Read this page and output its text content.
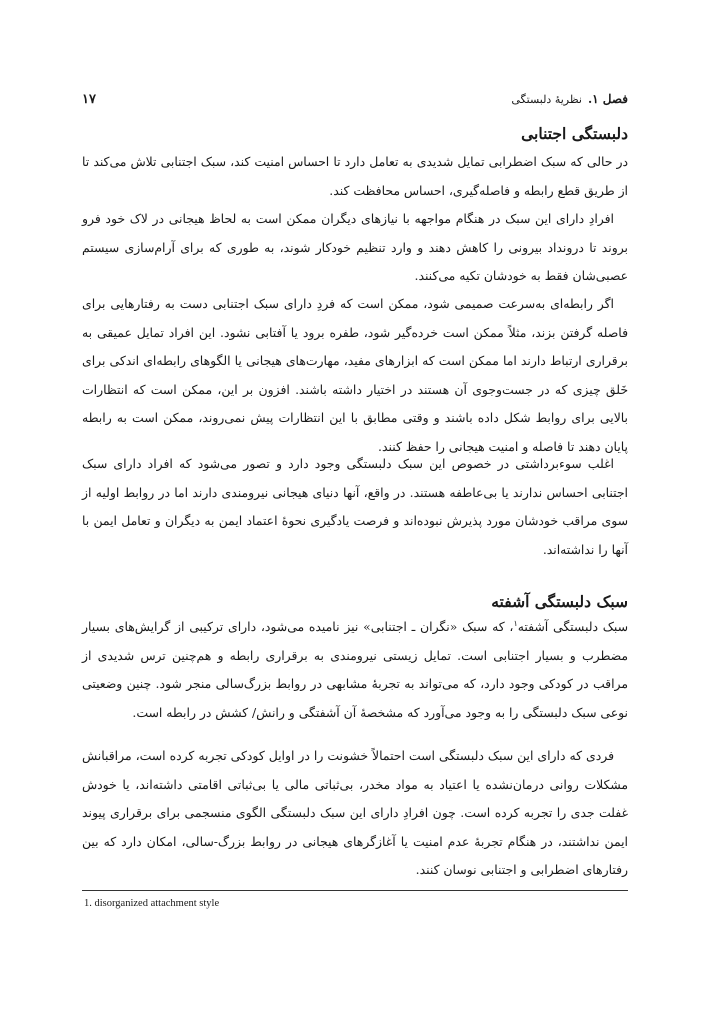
فصل ۱.نظریهٔ دلبستگی
۱۷
دلبستگی اجتنابی

در حالی که سبک اضطرابی تمایل شدیدی به تعامل دارد تا احساس امنیت کند، سبک اجتنابی تلاش می‌کند تا از طریق قطع رابطه و فاصله‌گیری، احساس محافظت کند.

افرادِ دارای این سبک در هنگام مواجهه با نیازهای دیگران ممکن است به لحاظ هیجانی در لاک خود فرو بروند تا درونداد بیرونی را کاهش دهند و وارد تنظیم خودکار شوند، به طوری که برای آرام‌سازی سیستم عصبی‌شان فقط به خودشان تکیه می‌کنند.

اگر رابطه‌ای به‌سرعت صمیمی شود، ممکن است که فردِ دارای سبک اجتنابی دست به رفتارهایی برای فاصله گرفتن بزند، مثلاً ممکن است خرده‌گیر شود، طفره برود یا آفتابی نشود. این افراد تمایل عمیقی به برقراری ارتباط دارند اما ممکن است که ابزارهای مفید، مهارت‌های هیجانی یا الگوهای رابطه‌ای اندکی برای خَلق چیزی که در جست‌وجوی آن هستند در اختیار داشته باشند. افزون بر این، ممکن است که انتظارات بالایی برای روابط شکل داده باشند و وقتی مطابق با این انتظارات پیش نمی‌روند، ممکن است به رابطه پایان دهند تا فاصله و امنیت هیجانی را حفظ کنند.

اغلب سوء‌برداشتی در خصوص این سبک دلبستگی وجود دارد و تصور می‌شود که افراد دارای سبک اجتنابی احساس ندارند یا بی‌عاطفه هستند. در واقع، آنها دنیای هیجانی نیرومندی دارند اما در روابط اولیه از سوی مراقب خودشان مورد پذیرش نبوده‌اند و فرصت یادگیری نحوهٔ اعتماد ایمن به دیگران و تعامل ایمن با آنها را نداشته‌اند.

سبک دلبستگی آشفته

سبک دلبستگی آشفته$^۱$، که سبک «نگران ـ اجتنابی» نیز نامیده می‌شود، دارای ترکیبی از گرایش‌های بسیار مضطرب و بسیار اجتنابی است. تمایل زیستی نیرومندی به برقراری رابطه و هم‌چنین ترس شدیدی از مراقب در کودکی وجود دارد، که می‌تواند به تجربهٔ مشابهی در روابط بزرگ‌سالی منجر شود. چنین وضعیتی نوعی سبک دلبستگی را به وجود می‌آورد که مشخصهٔ آن آشفتگی و رانش/ کشش در رابطه است.

فردی که دارای این سبک دلبستگی است احتمالاً خشونت را در اوایل کودکی تجربه کرده است، مراقبانش مشکلات روانی درمان‌نشده یا اعتیاد به مواد مخدر، بی‌ثباتی مالی یا بی‌ثباتی اقامتی داشته‌اند، یا خودش غفلت جدی را تجربه کرده است. چون افرادِ دارای این سبک دلبستگی الگوی منسجمی برای برقراری پیوند ایمن نداشتند، در هنگام تجربهٔ عدم امنیت یا آغازگرهای هیجانی در روابط بزرگ-سالی، امکان دارد که بین رفتارهای اضطرابی و اجتنابی نوسان کنند.

1. disorganized attachment style
